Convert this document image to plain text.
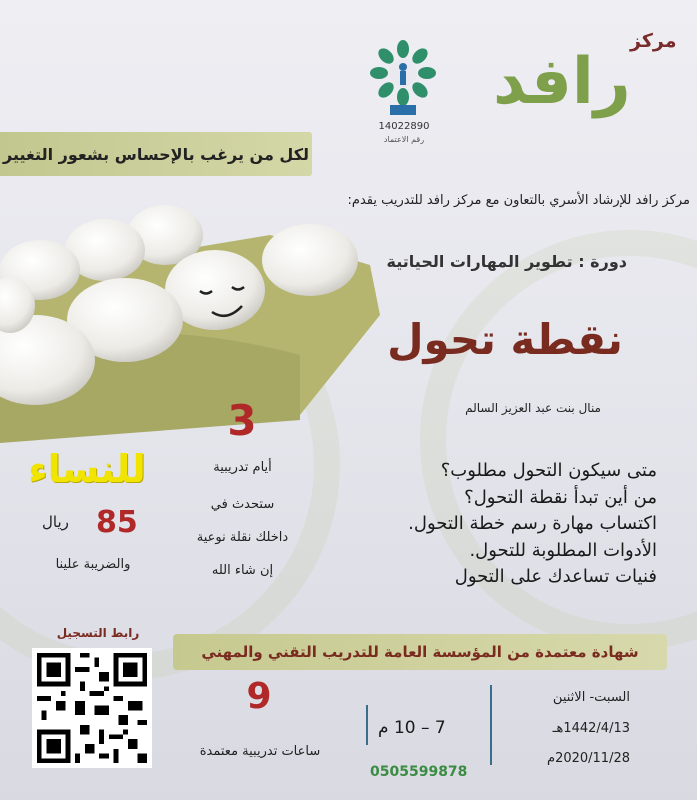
مركز
رافد
14022890
رقم الاعتماد
لكل من يرغب بالإحساس بشعور التغيير
مركز رافد للإرشاد الأسري بالتعاون مع مركز رافد للتدريب يقدم:
دورة : تطوير المهارات الحياتية
نقطة تحول
منال بنت عبد العزيز السالم
3
أيام تدريبية
ستحدث في
داخلك نقلة نوعية
إن شاء الله
للنساء
85
ريال
والضريبة علينا
متى سيكون التحول مطلوب؟
من أين تبدأ نقطة التحول؟
اكتساب مهارة رسم خطة التحول.
الأدوات المطلوبة للتحول.
فنيات تساعدك على التحول
شهادة معتمدة من المؤسسة العامة للتدريب التقني والمهني
رابط التسجيل
9
ساعات تدريبية معتمدة
7 – 10 م
0505599878
السبت- الاثنين
1442/4/13هـ
2020/11/28م
